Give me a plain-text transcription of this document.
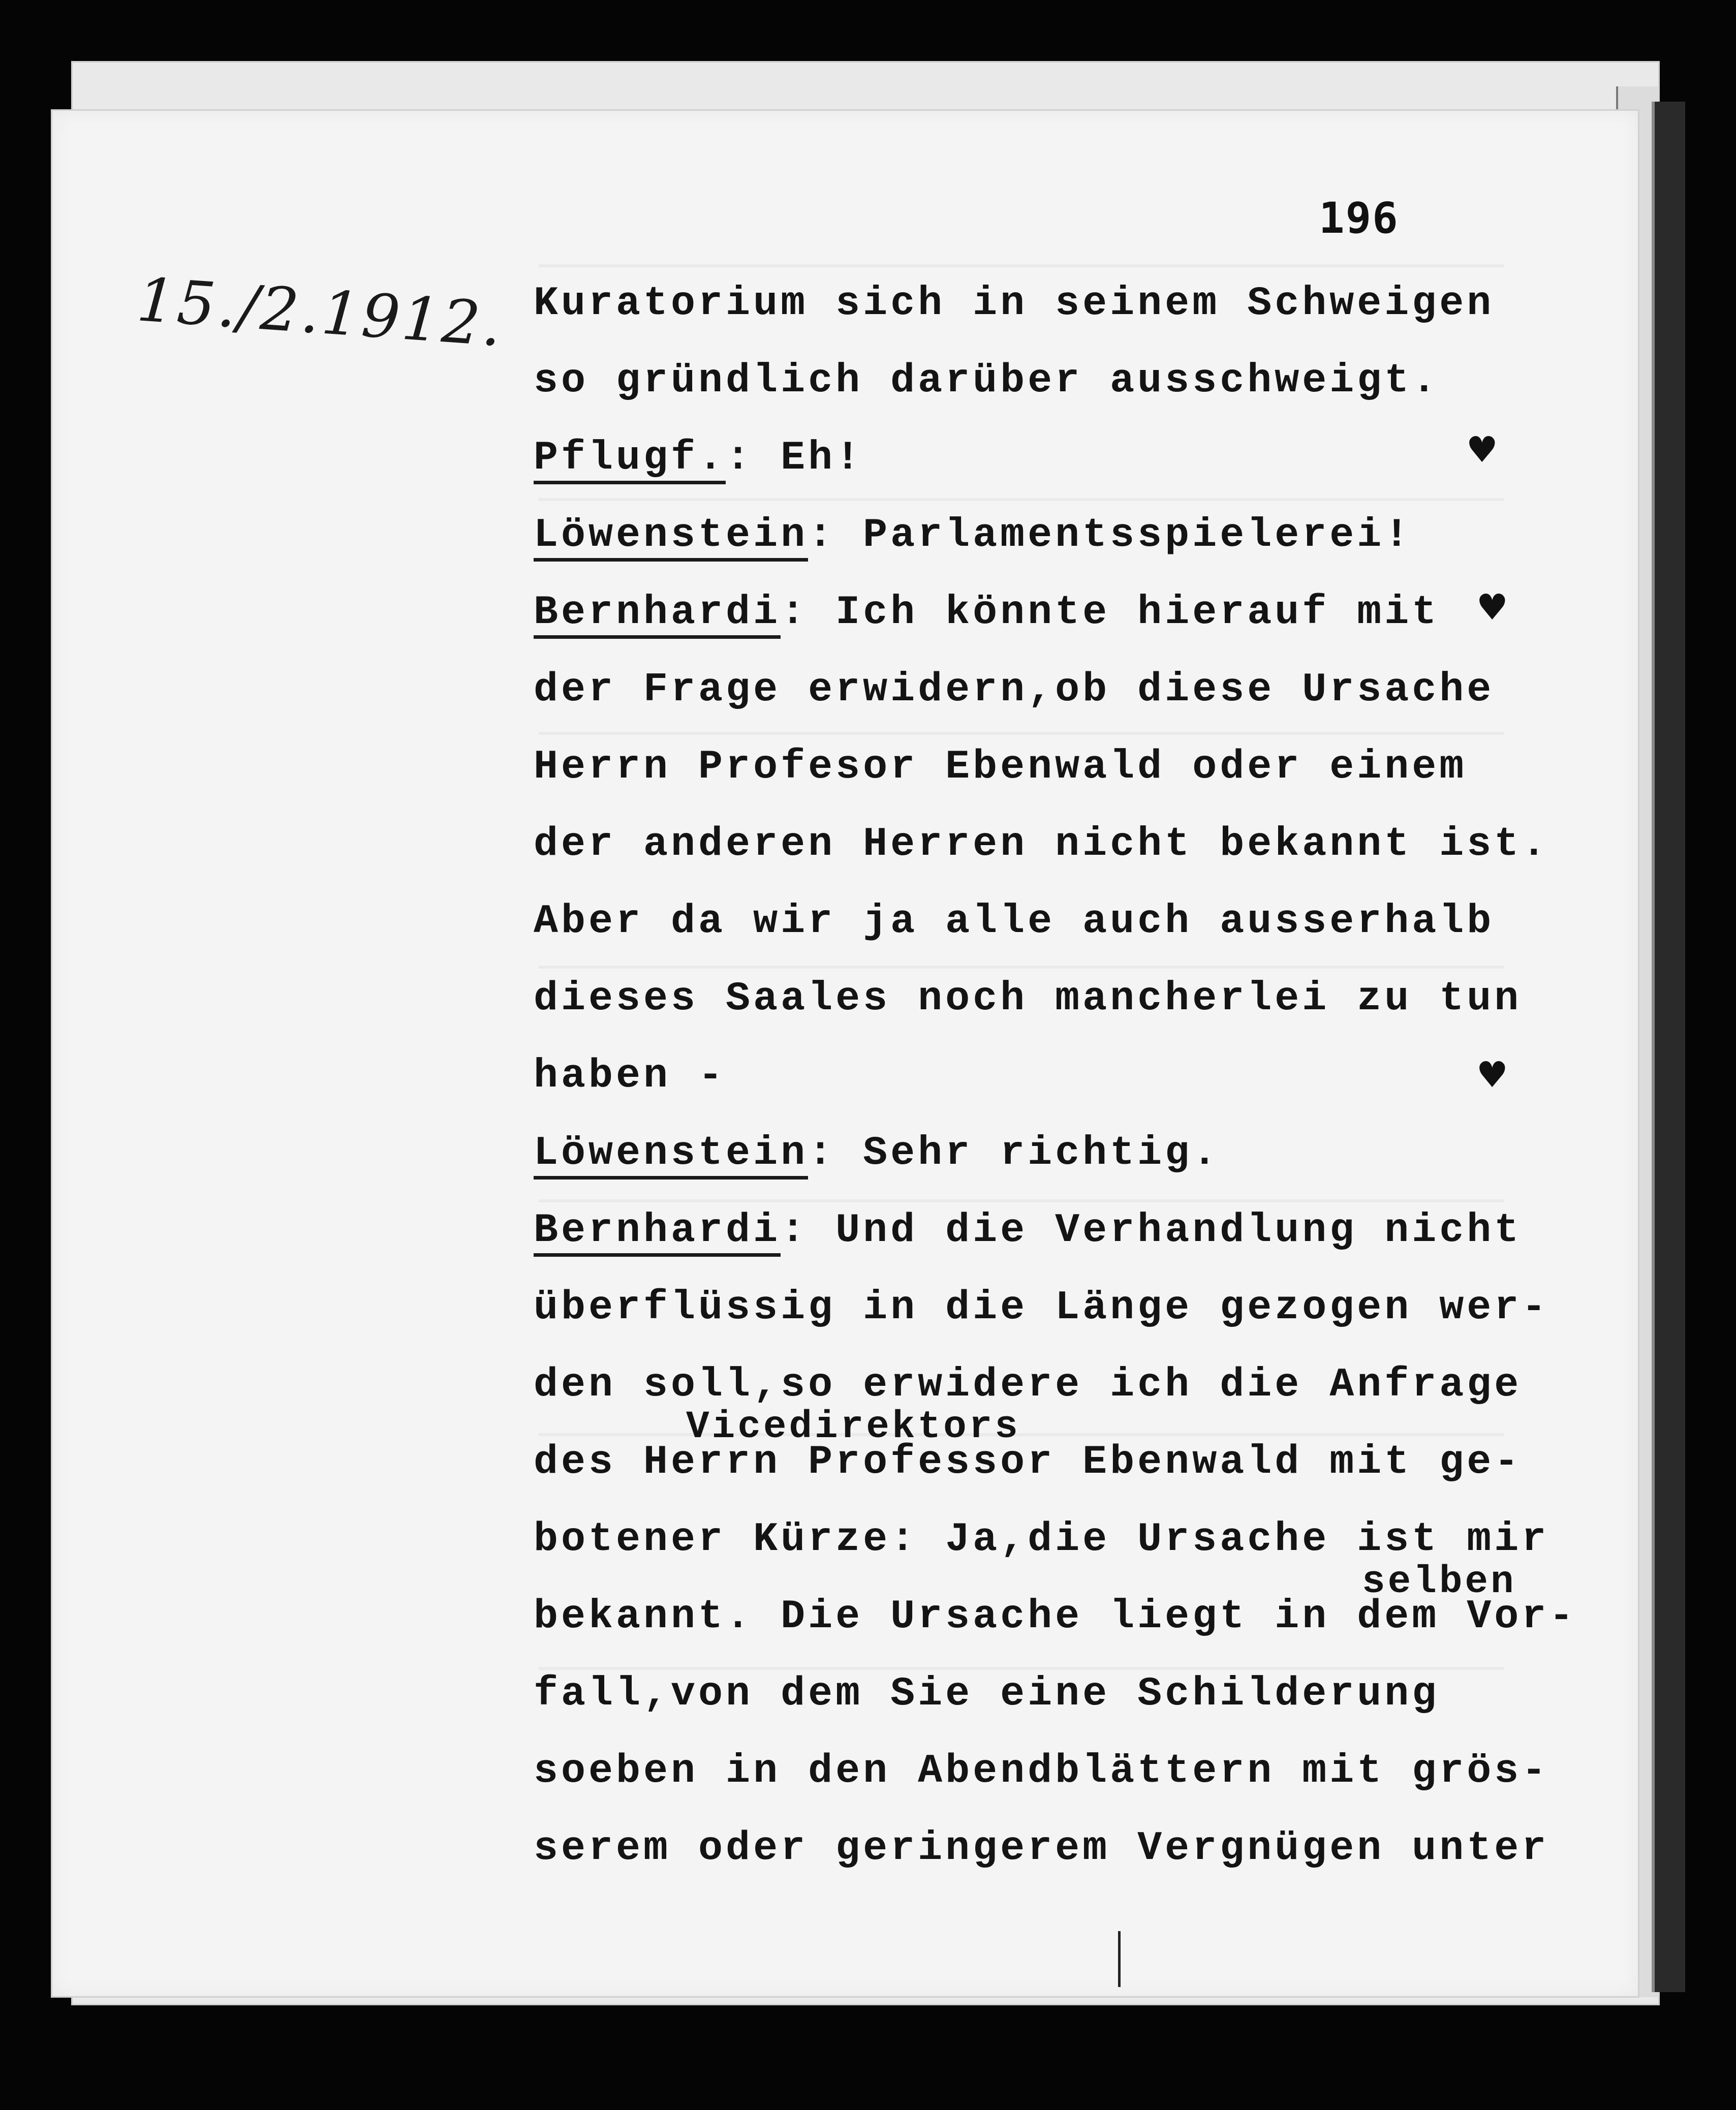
196
15./2.1912. Kuratorium sich in seinem Schweigen
so gründlich darüber ausschweigt.
Pflugf.: Eh!
Löwenstein: Parlamentsspielerei!
Bernhardi: Ich könnte hierauf mit
der Frage erwidern,ob diese Ursache
Herrn Profesor Ebenwald oder einem
der anderen Herren nicht bekannt ist.
Aber da wir ja alle auch ausserhalb
dieses Saales noch mancherlei zu tun
haben -
Löwenstein: Sehr richtig.
Bernhardi: Und die Verhandlung nicht
überflüssig in die Länge gezogen wer-
den soll,so erwidere ich die Anfrage
des Herrn Professor Ebenwald mit ge-
botener Kürze: Ja,die Ursache ist mir
bekannt. Die Ursache liegt in dem Vor-
fall,von dem Sie eine Schilderung
soeben in den Abendblättern mit grös-
serem oder geringerem Vergnügen unter
Vicedirektors
selben
♥
♥
♥
